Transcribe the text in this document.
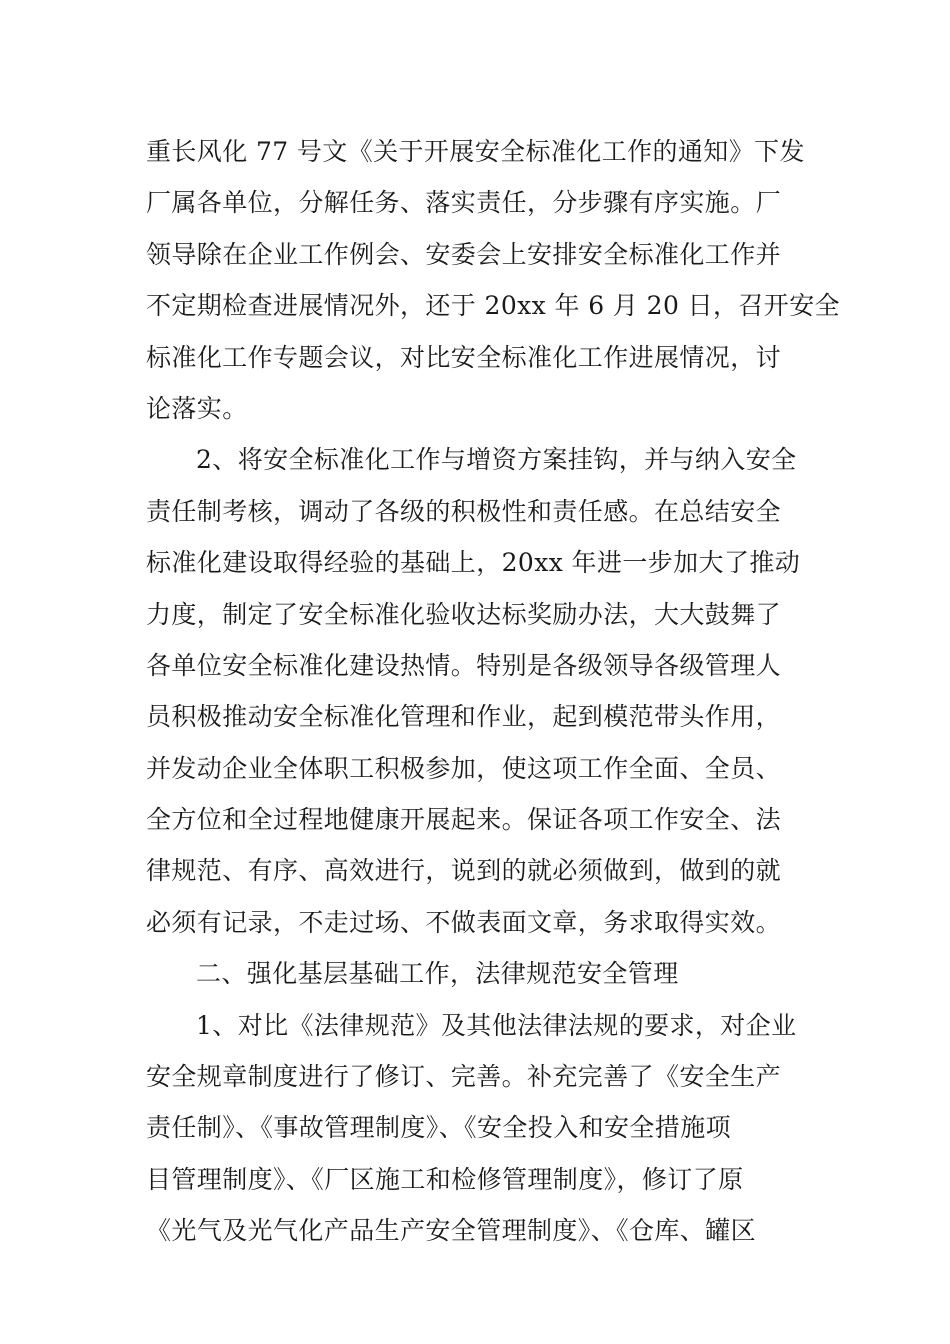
重长风化 77 号文《关于开展安全标准化工作的通知》下发
厂属各单位，分解任务、落实责任，分步骤有序实施。厂
领导除在企业工作例会、安委会上安排安全标准化工作并
不定期检查进展情况外，还于 20xx 年 6 月 20 日，召开安全
标准化工作专题会议，对比安全标准化工作进展情况，讨
论落实。
2、将安全标准化工作与增资方案挂钩，并与纳入安全
责任制考核，调动了各级的积极性和责任感。在总结安全
标准化建设取得经验的基础上，20xx 年进一步加大了推动
力度，制定了安全标准化验收达标奖励办法，大大鼓舞了
各单位安全标准化建设热情。特别是各级领导各级管理人
员积极推动安全标准化管理和作业，起到模范带头作用，
并发动企业全体职工积极参加，使这项工作全面、全员、
全方位和全过程地健康开展起来。保证各项工作安全、法
律规范、有序、高效进行，说到的就必须做到，做到的就
必须有记录，不走过场、不做表面文章，务求取得实效。
二、强化基层基础工作，法律规范安全管理
1、对比《法律规范》及其他法律法规的要求，对企业
安全规章制度进行了修订、完善。补充完善了《安全生产
责任制》、《事故管理制度》、《安全投入和安全措施项
目管理制度》、《厂区施工和检修管理制度》，修订了原
《光气及光气化产品生产安全管理制度》、《仓库、罐区
